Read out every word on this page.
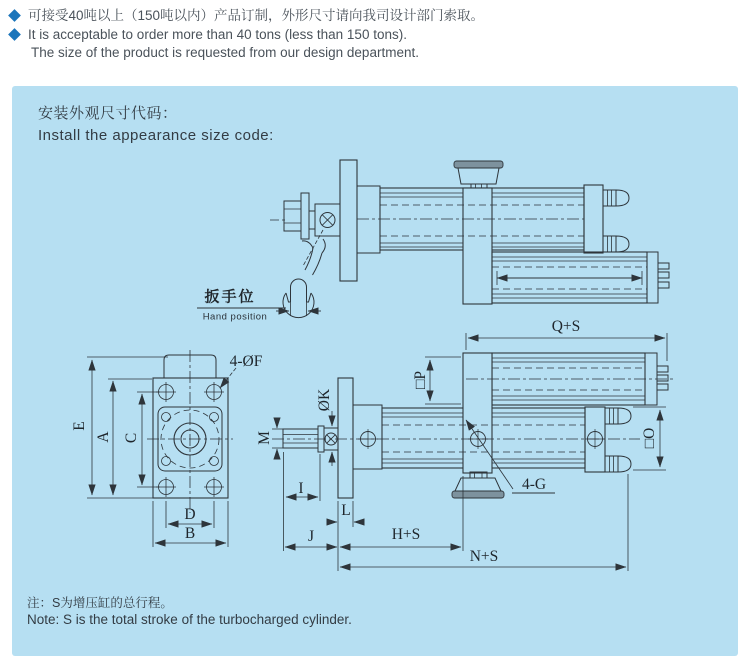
可接受40吨以上（150吨以内）产品订制，外形尺寸请向我司设计部门索取。
It is acceptable to order more than 40 tons (less than 150 tons).
The size of the product is requested from our design department.
安装外观尺寸代码：
Install the appearance size code:
扳手位
Hand position
Q+S
□P
□O
4-G
4-ØF
E
A C
D
B
M
ØK
I
L
J	H+S
N+S
注：S为增压缸的总行程。
Note: S is the total stroke of the turbocharged cylinder.
